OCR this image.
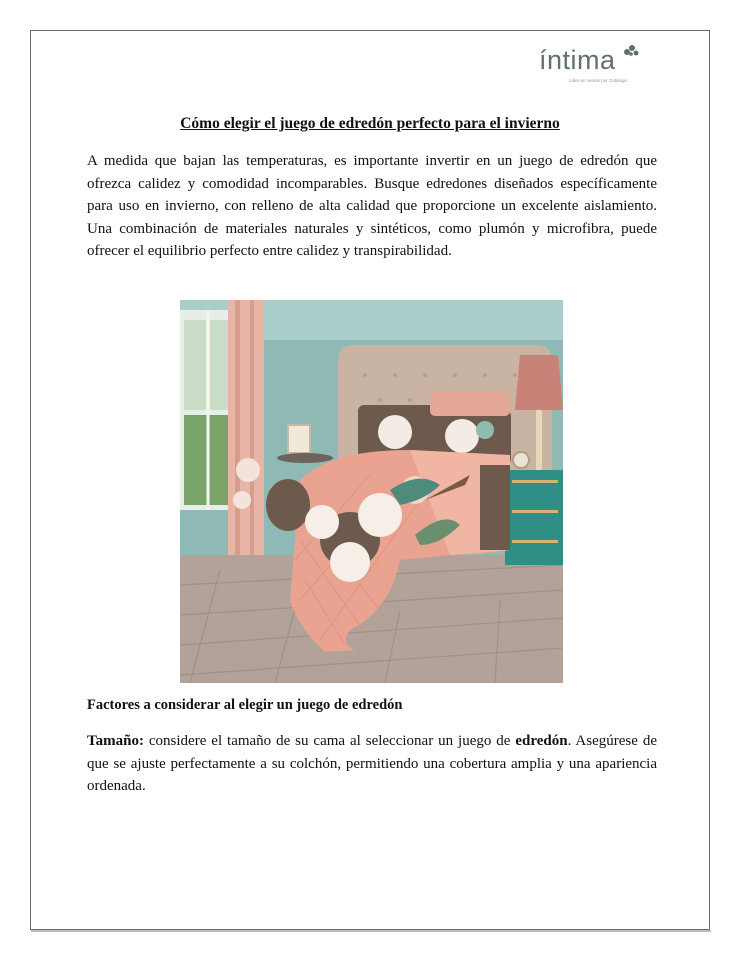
íntima
Líder en ventas por Catálogo
Cómo elegir el juego de edredón perfecto para el invierno

A medida que bajan las temperaturas, es importante invertir en un juego de edredón que ofrezca calidez y comodidad incomparables. Busque edredones diseñados específicamente para uso en invierno, con relleno de alta calidad que proporcione un excelente aislamiento. Una combinación de materiales naturales y sintéticos, como plumón y microfibra, puede ofrecer el equilibrio perfecto entre calidez y transpirabilidad.

Factores a considerar al elegir un juego de edredón

Tamaño: considere el tamaño de su cama al seleccionar un juego de edredón. Asegúrese de que se ajuste perfectamente a su colchón, permitiendo una cobertura amplia y una apariencia ordenada.
